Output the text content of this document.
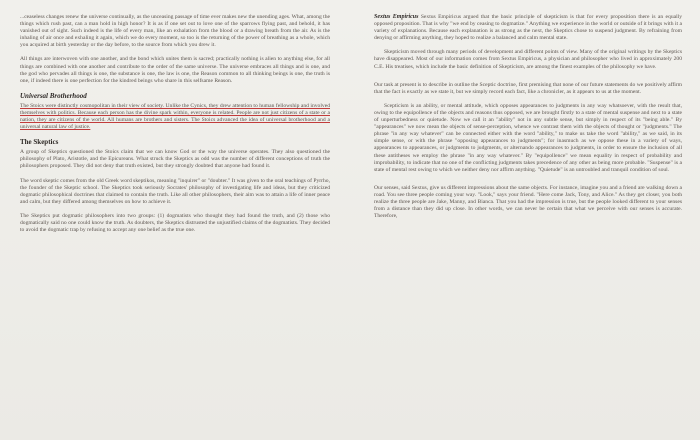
...ceaseless changes renew the universe continually, as the unceasing passage of time ever makes new the unending ages. What, among the things which rush past, can a man hold in high honor? It is as if one set out to love one of the sparrows flying past, and behold, it has vanished out of sight. Such indeed is the life of every man, like an exhalation from the blood or a drawing breath from the air. As is the inhaling of air once and exhaling it again, which we do every moment, so too is the returning of the power of breathing as a whole, which you acquired at birth yesterday or the day before, to the source from which you drew it.

All things are interwoven with one another, and the bond which unites them is sacred; practically nothing is alien to anything else, for all things are combined with one another and contribute to the order of the same universe. The universe embraces all things and is one, and the god who pervades all things is one, the substance is one, the law is one, the Reason common to all thinking beings is one, the truth is one, if indeed there is one perfection for the kindred beings who share in this selfsame Reason.

Universal Brotherhood

The Stoics were distinctly cosmopolitan in their view of society. Unlike the Cynics, they drew attention to human fellowship and involved themselves with politics. Because each person has the divine spark within, everyone is related. People are not just citizens of a state or a nation, they are citizens of the world. All humans are brothers and sisters. The Stoics advanced the idea of universal brotherhood and a universal natural law of justice.

The Skeptics

A group of Skeptics questioned the Stoics claim that we can know God or the way the universe operates. They also questioned the philosophy of Plato, Aristotle, and the Epicureans. What struck the Skeptics as odd was the number of different conceptions of truth the philosophers proposed. They did not deny that truth existed, but they strongly doubted that anyone had found it.

The word skeptic comes from the old Greek word skeptikos, meaning "inquirer" or "doubter." It was given to the oral teachings of Pyrrho, the founder of the Skeptic school. The Skeptics took seriously Socrates' philosophy of investigating life and ideas, but they criticized dogmatic philosophical doctrines that claimed to contain the truth. Like all other philosophers, their aim was to attain a life of inner peace and calm, but they differed among themselves on how to achieve it.

The Skeptics put dogmatic philosophers into two groups: (1) dogmatists who thought they had found the truth, and (2) those who dogmatically said no one could know the truth. As doubters, the Skeptics distrusted the unjustified claims of the dogmatists. They decided to avoid the dogmatic trap by refusing to accept any one belief as the true one.

Sextus Empiricus Sextus Empiricus argued that the basic principle of skepticism is that for every proposition there is an equally opposed proposition. That is why "we end by ceasing to dogmatize." Anything we experience in the world or outside of it brings with it a variety of explanations. Because each explanation is as strong as the next, the Skeptics chose to suspend judgment. By refraining from denying or affirming anything, they hoped to realize a balanced and calm mental state.

Skepticism moved through many periods of development and different points of view. Many of the original writings by the Skeptics have disappeared. Most of our information comes from Sextus Empiricus, a physician and philosopher who lived in approximately 200 C.E. His treatises, which include the basic definition of Skepticism, are among the finest examples of the philosophy we have.

Our task at present is to describe in outline the Sceptic doctrine, first premising that none of our future statements do we positively affirm that the fact is exactly as we state it, but we simply record each fact, like a chronicler, as it appears to us at the moment.

Scepticism is an ability, or mental attitude, which opposes appearances to judgments in any way whatsoever, with the result that, owing to the equipollence of the objects and reasons thus opposed, we are brought firstly to a state of mental suspense and next to a state of unperturbedness or quietude. Now we call it an "ability" not in any subtle sense, but simply in respect of its "being able." By "appearances" we now mean the objects of sense-perception, whence we contrast them with the objects of thought or "judgments." The phrase "in any way whatever" can be connected either with the word "ability," to make us take the word "ability," as we said, in its simple sense, or with the phrase "opposing appearances to judgments"; for inasmuch as we oppose these in a variety of ways, appearances to appearances, or judgments to judgments, or alternando appearances to judgments, in order to ensure the inclusion of all these antitheses we employ the phrase "in any way whatever." By "equipollence" we mean equality in respect of probability and improbability, to indicate that no one of the conflicting judgments takes precedence of any other as being more probable. "Suspense" is a state of mental rest owing to which we neither deny nor affirm anything. "Quietude" is an untroubled and tranquil condition of soul.

Our senses, said Sextus, give us different impressions about the same objects. For instance, imagine you and a friend are walking down a road. You see three people coming your way. "Look," says your friend. "Here come Jack, Tony, and Alice." As they get closer, you both realize the three people are Jake, Manny, and Bianca. That you had the impression is true, but the people looked different to your senses from a distance than they did up close. In other words, we can never be certain that what we perceive with our senses is accurate. Therefore,
